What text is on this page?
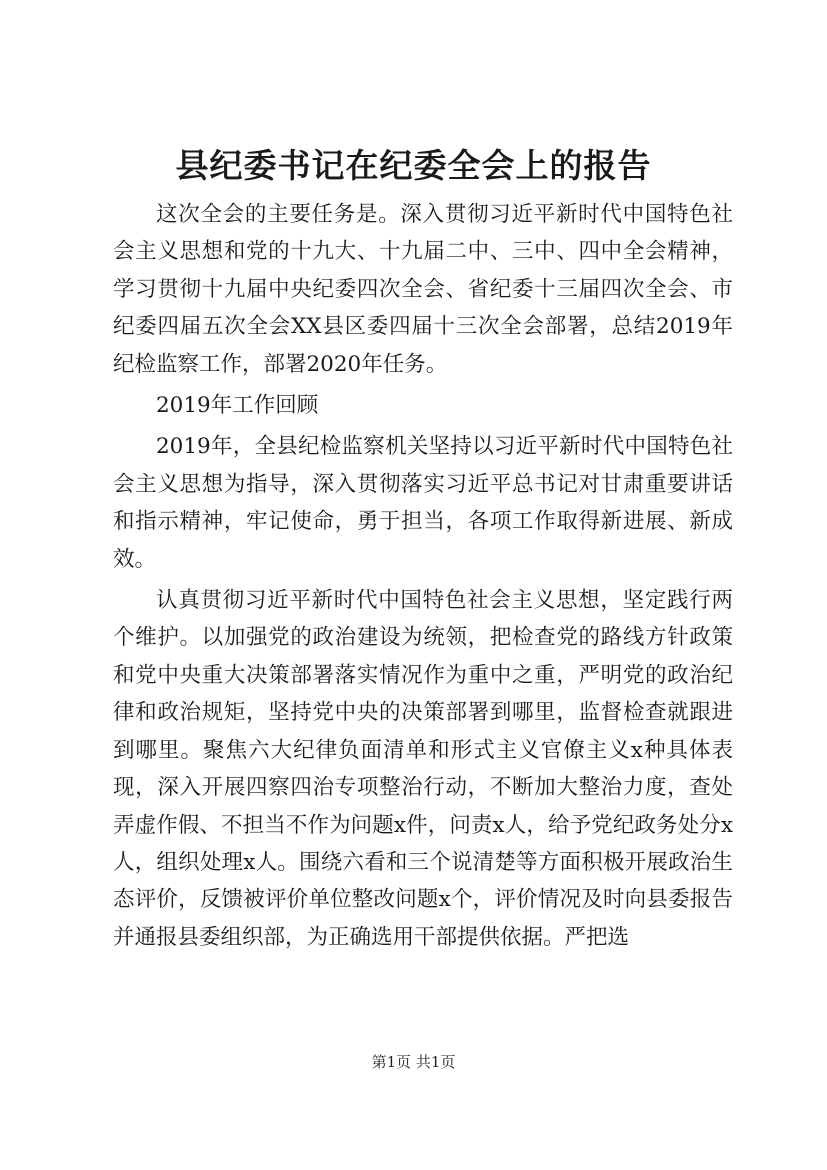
县纪委书记在纪委全会上的报告

这次全会的主要任务是。深入贯彻习近平新时代中国特色社会主义思想和党的十九大、十九届二中、三中、四中全会精神，学习贯彻十九届中央纪委四次全会、省纪委十三届四次全会、市纪委四届五次全会XX县区委四届十三次全会部署，总结2019年纪检监察工作，部署2020年任务。

2019年工作回顾

2019年，全县纪检监察机关坚持以习近平新时代中国特色社会主义思想为指导，深入贯彻落实习近平总书记对甘肃重要讲话和指示精神，牢记使命，勇于担当，各项工作取得新进展、新成效。

认真贯彻习近平新时代中国特色社会主义思想，坚定践行两个维护。以加强党的政治建设为统领，把检查党的路线方针政策和党中央重大决策部署落实情况作为重中之重，严明党的政治纪律和政治规矩，坚持党中央的决策部署到哪里，监督检查就跟进到哪里。聚焦六大纪律负面清单和形式主义官僚主义x种具体表现，深入开展四察四治专项整治行动，不断加大整治力度，查处弄虚作假、不担当不作为问题x件，问责x人，给予党纪政务处分x人，组织处理x人。围绕六看和三个说清楚等方面积极开展政治生态评价，反馈被评价单位整改问题x个，评价情况及时向县委报告并通报县委组织部，为正确选用干部提供依据。严把选

第1页 共1页
